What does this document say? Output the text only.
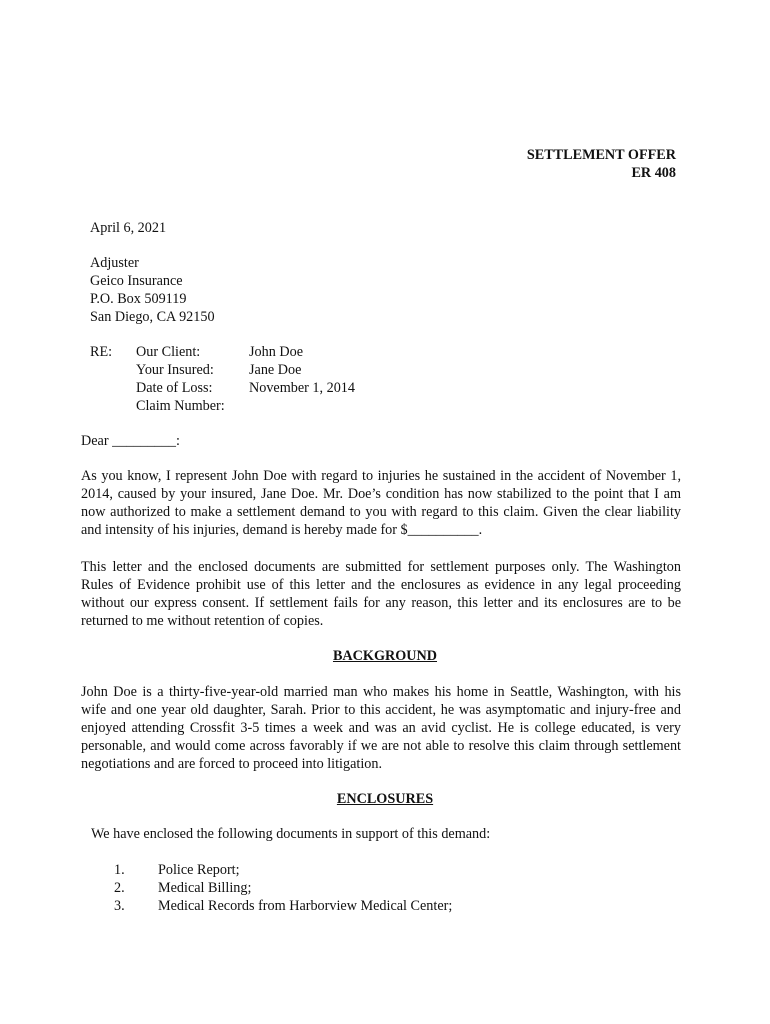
SETTLEMENT OFFER
ER 408
April 6, 2021
Adjuster
Geico Insurance
P.O. Box 509119
San Diego, CA 92150
RE: Our Client:	John Doe
Your Insured: Jane Doe
Date of Loss:	November 1, 2014
Claim Number:
Dear _________:
As you know, I represent John Doe with regard to injuries he sustained in the accident of November 1, 2014, caused by your insured, Jane Doe. Mr. Doe’s condition has now stabilized to the point that I am now authorized to make a settlement demand to you with regard to this claim. Given the clear liability and intensity of his injuries, demand is hereby made for $__________.
This letter and the enclosed documents are submitted for settlement purposes only. The Washington Rules of Evidence prohibit use of this letter and the enclosures as evidence in any legal proceeding without our express consent. If settlement fails for any reason, this letter and its enclosures are to be returned to me without retention of copies.
BACKGROUND
John Doe is a thirty-five-year-old married man who makes his home in Seattle, Washington, with his wife and one year old daughter, Sarah. Prior to this accident, he was asymptomatic and injury-free and enjoyed attending Crossfit 3-5 times a week and was an avid cyclist. He is college educated, is very personable, and would come across favorably if we are not able to resolve this claim through settlement negotiations and are forced to proceed into litigation.
ENCLOSURES
We have enclosed the following documents in support of this demand:
1. Police Report;
2. Medical Billing;
3. Medical Records from Harborview Medical Center;
